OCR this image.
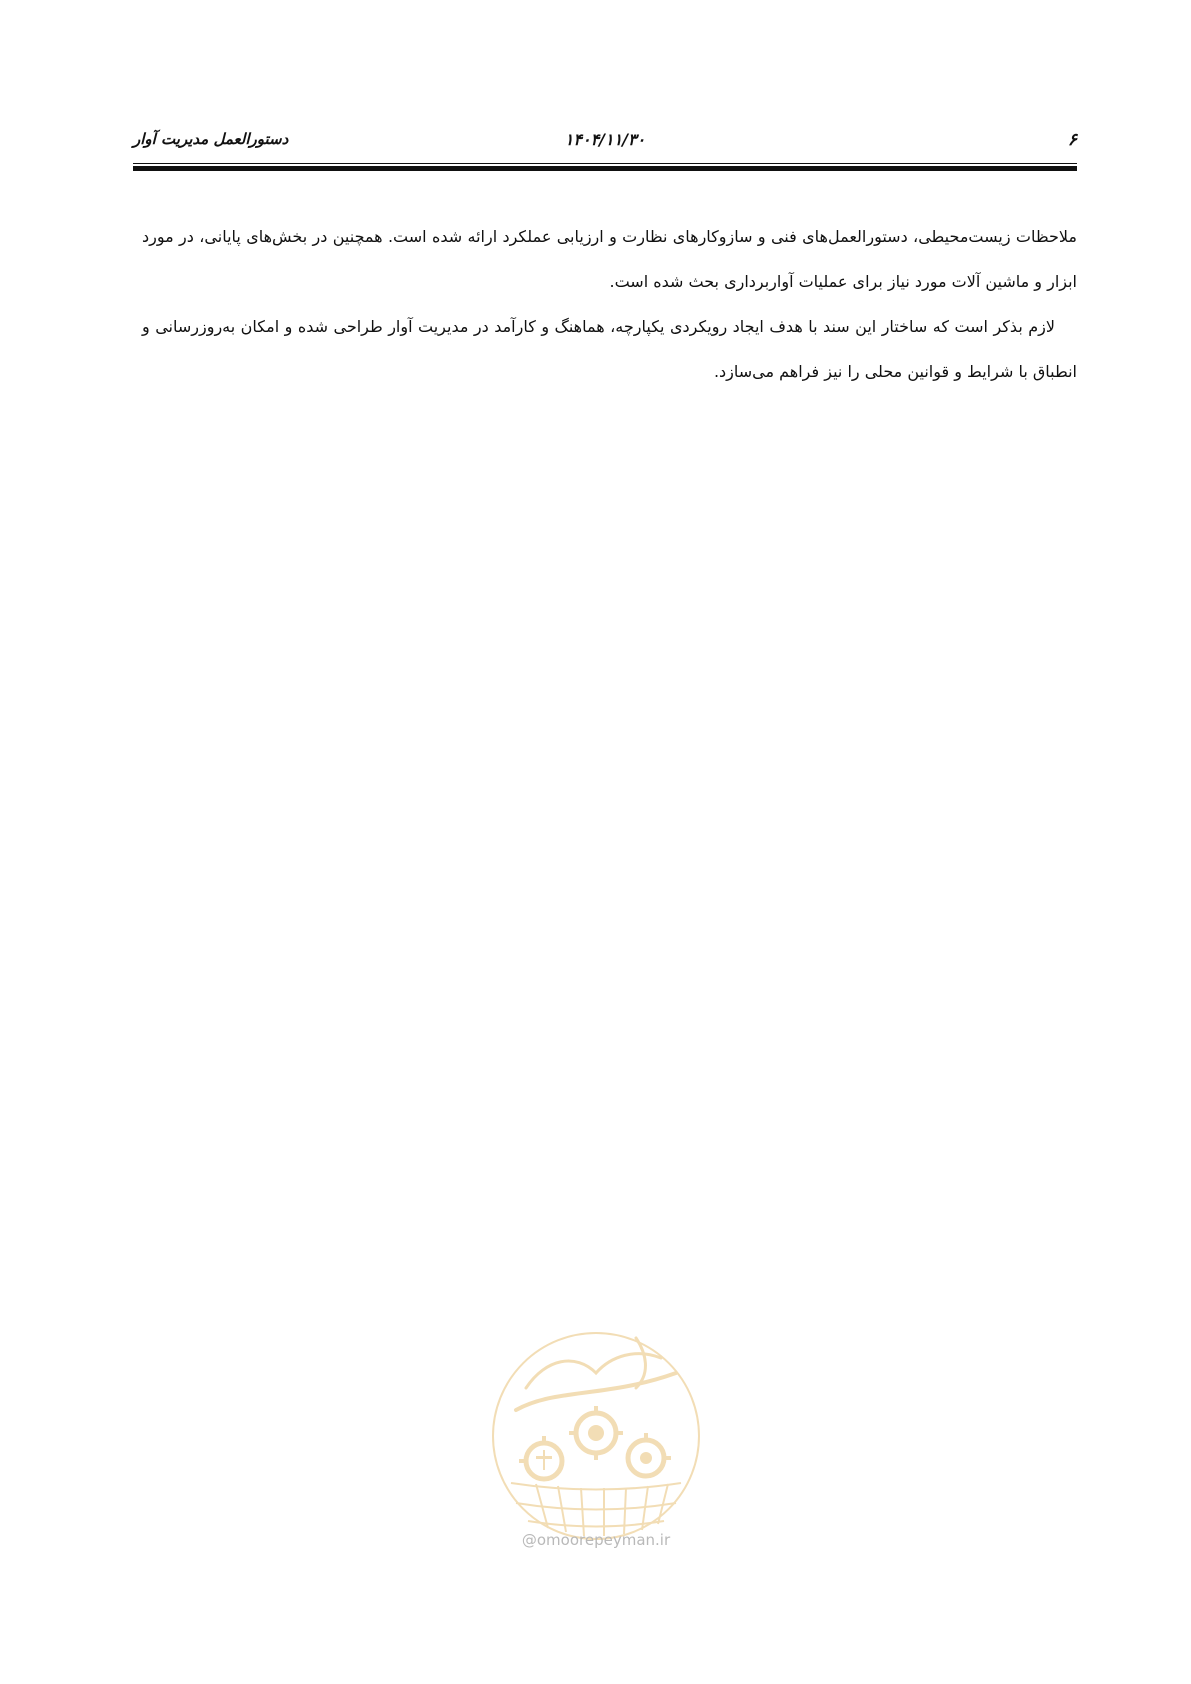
۶
۱۴۰۴/۱۱/۳۰
دستورالعمل مدیریت آوار

ملاحظات زیست‌محیطی، دستورالعمل‌های فنی و سازوکارهای نظارت و ارزیابی عملکرد ارائه شده است. همچنین در بخش‌های پایانی، در مورد ابزار و ماشین آلات مورد نیاز برای عملیات آواربرداری بحث شده است.

لازم بذکر است که ساختار این سند با هدف ایجاد رویکردی یکپارچه، هماهنگ و کارآمد در مدیریت آوار طراحی شده و امکان به‌روزرسانی و انطباق با شرایط و قوانین محلی را نیز فراهم می‌سازد.

@omoorepeyman.ir
